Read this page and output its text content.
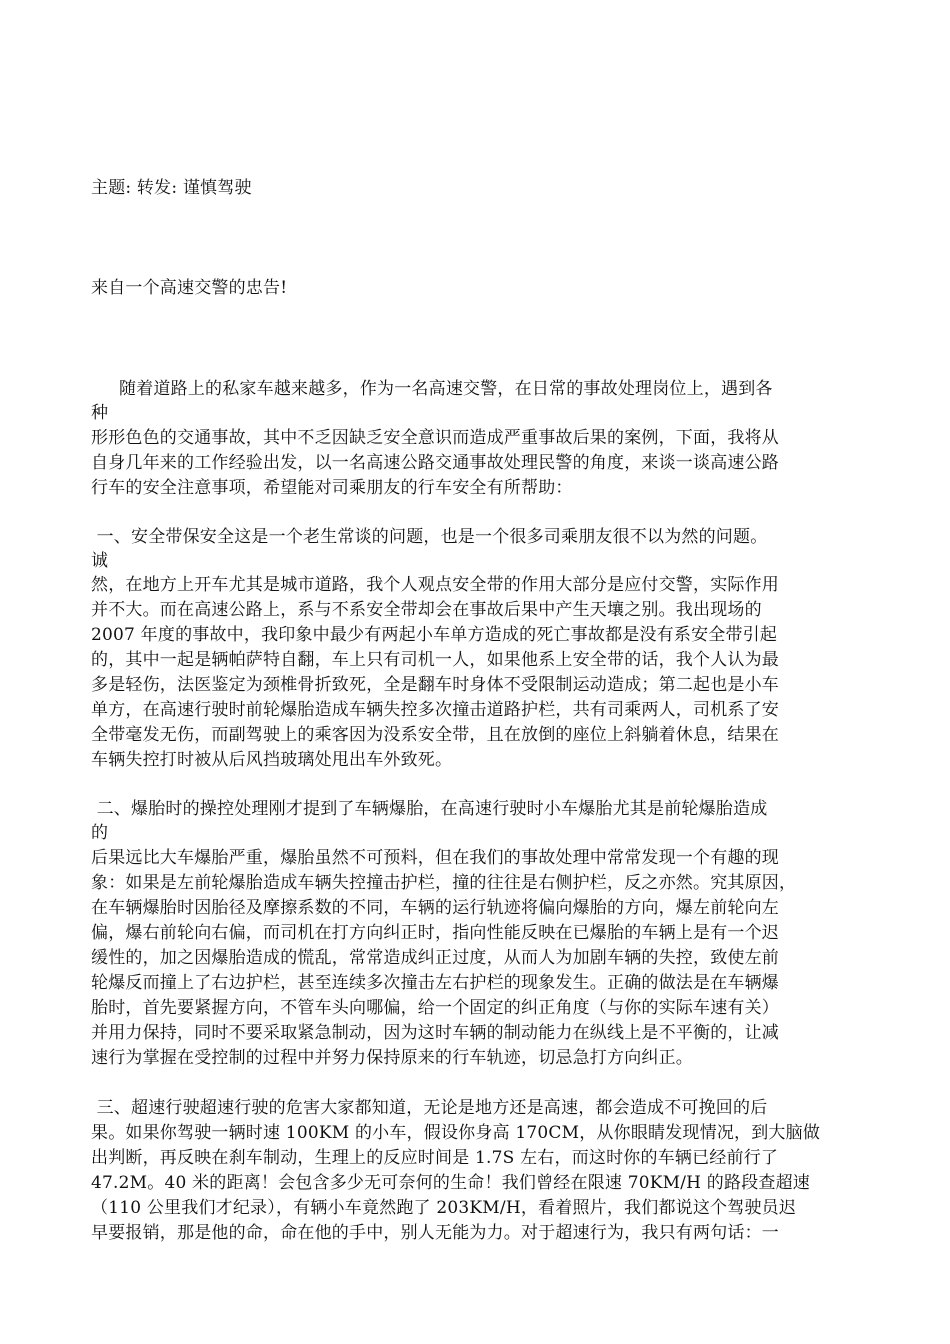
主题: 转发: 谨慎驾驶
来自一个高速交警的忠告!
随着道路上的私家车越来越多，作为一名高速交警，在日常的事故处理岗位上，遇到各
种
形形色色的交通事故，其中不乏因缺乏安全意识而造成严重事故后果的案例，下面，我将从
自身几年来的工作经验出发，以一名高速公路交通事故处理民警的角度，来谈一谈高速公路
行车的安全注意事项，希望能对司乘朋友的行车安全有所帮助：
一、安全带保安全这是一个老生常谈的问题，也是一个很多司乘朋友很不以为然的问题。
诚
然，在地方上开车尤其是城市道路，我个人观点安全带的作用大部分是应付交警，实际作用
并不大。而在高速公路上，系与不系安全带却会在事故后果中产生天壤之别。我出现场的
2007 年度的事故中，我印象中最少有两起小车单方造成的死亡事故都是没有系安全带引起
的，其中一起是辆帕萨特自翻，车上只有司机一人，如果他系上安全带的话，我个人认为最
多是轻伤，法医鉴定为颈椎骨折致死，全是翻车时身体不受限制运动造成；第二起也是小车
单方，在高速行驶时前轮爆胎造成车辆失控多次撞击道路护栏，共有司乘两人，司机系了安
全带毫发无伤，而副驾驶上的乘客因为没系安全带，且在放倒的座位上斜躺着休息，结果在
车辆失控打时被从后风挡玻璃处甩出车外致死。
二、爆胎时的操控处理刚才提到了车辆爆胎，在高速行驶时小车爆胎尤其是前轮爆胎造成
的
后果远比大车爆胎严重，爆胎虽然不可预料，但在我们的事故处理中常常发现一个有趣的现
象：如果是左前轮爆胎造成车辆失控撞击护栏，撞的往往是右侧护栏，反之亦然。究其原因，
在车辆爆胎时因胎径及摩擦系数的不同，车辆的运行轨迹将偏向爆胎的方向，爆左前轮向左
偏，爆右前轮向右偏，而司机在打方向纠正时，指向性能反映在已爆胎的车辆上是有一个迟
缓性的，加之因爆胎造成的慌乱，常常造成纠正过度，从而人为加剧车辆的失控，致使左前
轮爆反而撞上了右边护栏，甚至连续多次撞击左右护栏的现象发生。正确的做法是在车辆爆
胎时，首先要紧握方向，不管车头向哪偏，给一个固定的纠正角度（与你的实际车速有关）
并用力保持，同时不要采取紧急制动，因为这时车辆的制动能力在纵线上是不平衡的，让减
速行为掌握在受控制的过程中并努力保持原来的行车轨迹，切忌急打方向纠正。
三、超速行驶超速行驶的危害大家都知道，无论是地方还是高速，都会造成不可挽回的后
果。如果你驾驶一辆时速 100KM 的小车，假设你身高 170CM，从你眼睛发现情况，到大脑做
出判断，再反映在刹车制动，生理上的反应时间是 1.7S 左右，而这时你的车辆已经前行了
47.2M。40 米的距离！会包含多少无可奈何的生命！我们曾经在限速 70KM/H 的路段查超速
（110 公里我们才纪录），有辆小车竟然跑了 203KM/H，看着照片，我们都说这个驾驶员迟
早要报销，那是他的命，命在他的手中，别人无能为力。对于超速行为，我只有两句话：一
